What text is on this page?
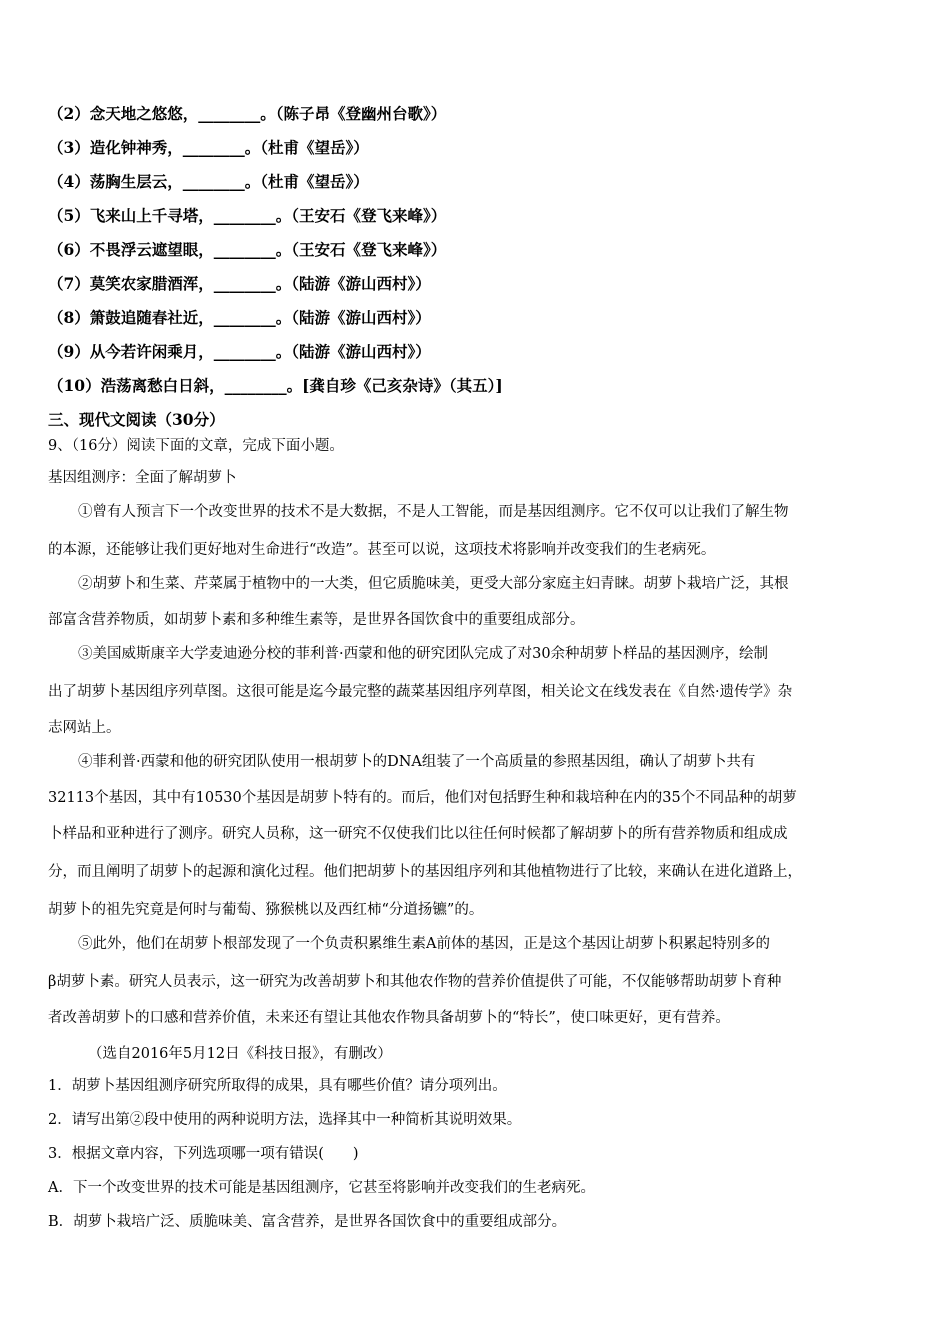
（2）念天地之悠悠，________。（陈子昂《登幽州台歌》）
（3）造化钟神秀，________。（杜甫《望岳》）
（4）荡胸生层云，________。（杜甫《望岳》）
（5）飞来山上千寻塔，________。（王安石《登飞来峰》）
（6）不畏浮云遮望眼，________。（王安石《登飞来峰》）
（7）莫笑农家腊酒浑，________。（陆游《游山西村》）
（8）箫鼓追随春社近，________。（陆游《游山西村》）
（9）从今若许闲乘月，________。（陆游《游山西村》）
（10）浩荡离愁白日斜，________。[龚自珍《己亥杂诗》（其五）]
三、现代文阅读（30分）
9、（16分）阅读下面的文章，完成下面小题。
基因组测序：全面了解胡萝卜
①曾有人预言下一个改变世界的技术不是大数据，不是人工智能，而是基因组测序。它不仅可以让我们了解生物
的本源，还能够让我们更好地对生命进行“改造”。甚至可以说，这项技术将影响并改变我们的生老病死。
②胡萝卜和生菜、芹菜属于植物中的一大类，但它质脆味美，更受大部分家庭主妇青睐。胡萝卜栽培广泛，其根
部富含营养物质，如胡萝卜素和多种维生素等，是世界各国饮食中的重要组成部分。
③美国威斯康辛大学麦迪逊分校的菲利普·西蒙和他的研究团队完成了对30余种胡萝卜样品的基因测序，绘制
出了胡萝卜基因组序列草图。这很可能是迄今最完整的蔬菜基因组序列草图，相关论文在线发表在《自然·遗传学》杂
志网站上。
④菲利普·西蒙和他的研究团队使用一根胡萝卜的DNA组装了一个高质量的参照基因组，确认了胡萝卜共有
32113个基因，其中有10530个基因是胡萝卜特有的。而后，他们对包括野生种和栽培种在内的35个不同品种的胡萝
卜样品和亚种进行了测序。研究人员称，这一研究不仅使我们比以往任何时候都了解胡萝卜的所有营养物质和组成成
分，而且阐明了胡萝卜的起源和演化过程。他们把胡萝卜的基因组序列和其他植物进行了比较，来确认在进化道路上，
胡萝卜的祖先究竟是何时与葡萄、猕猴桃以及西红柿“分道扬镳”的。
⑤此外，他们在胡萝卜根部发现了一个负责积累维生素A前体的基因，正是这个基因让胡萝卜积累起特别多的
β胡萝卜素。研究人员表示，这一研究为改善胡萝卜和其他农作物的营养价值提供了可能，不仅能够帮助胡萝卜育种
者改善胡萝卜的口感和营养价值，未来还有望让其他农作物具备胡萝卜的“特长”，使口味更好，更有营养。
（选自2016年5月12日《科技日报》，有删改）
1．胡萝卜基因组测序研究所取得的成果，具有哪些价值？请分项列出。
2．请写出第②段中使用的两种说明方法，选择其中一种简析其说明效果。
3．根据文章内容，下列选项哪一项有错误(　　)
A．下一个改变世界的技术可能是基因组测序，它甚至将影响并改变我们的生老病死。
B．胡萝卜栽培广泛、质脆味美、富含营养，是世界各国饮食中的重要组成部分。
